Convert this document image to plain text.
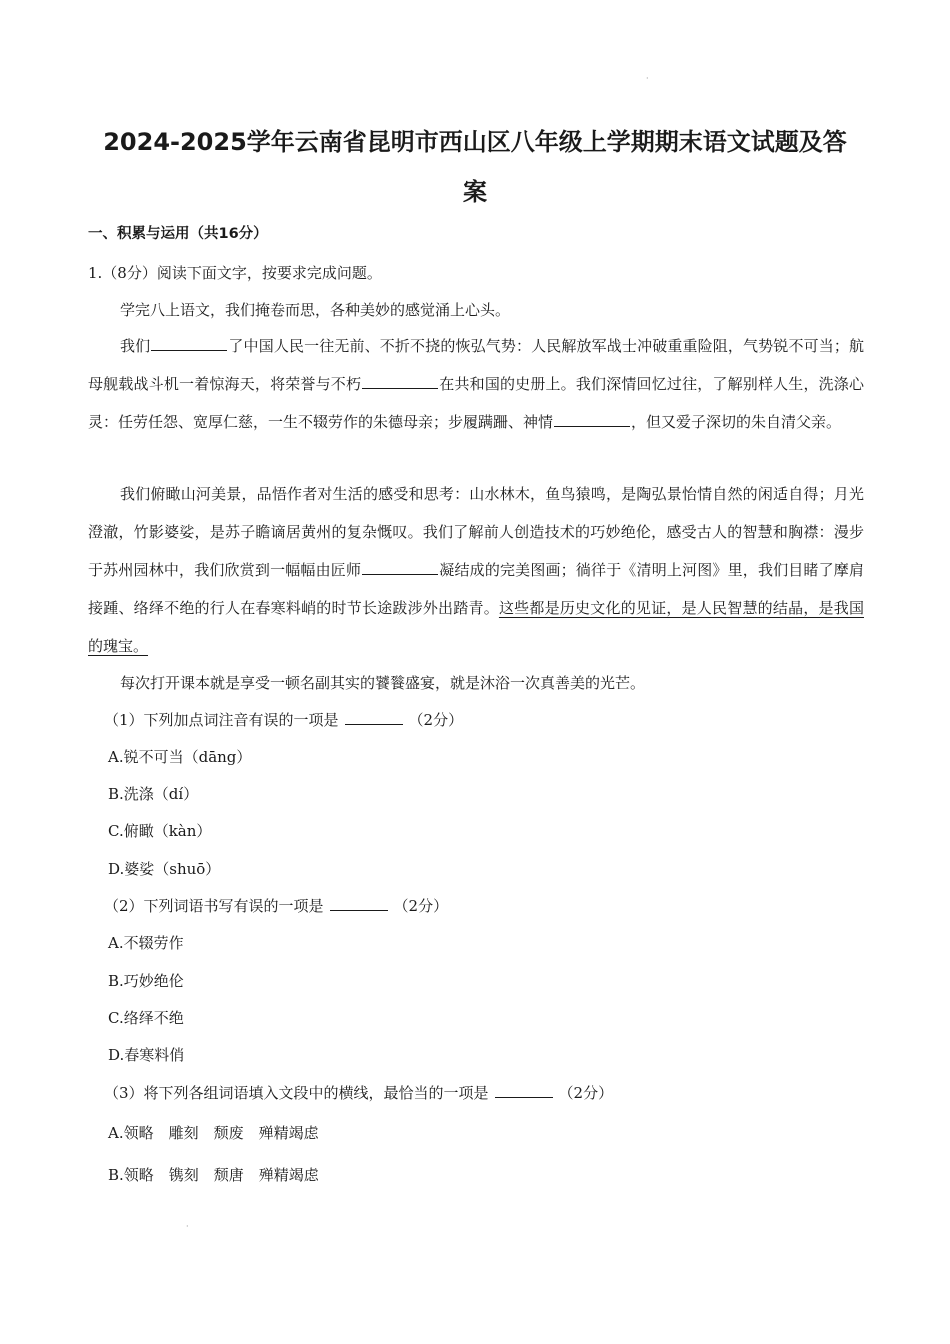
·
2024-2025学年云南省昆明市西山区八年级上学期期末语文试题及答
案
一、积累与运用（共16分）
1.（8分）阅读下面文字，按要求完成问题。
学完八上语文，我们掩卷而思，各种美妙的感觉涌上心头。
我们	了中国人民一往无前、不折不挠的恢弘气势：人民解放军战士冲破重重险阻，气势锐不可当；航母舰载战斗机一着惊海天，将荣誉与不朽	在共和国的史册上。我们深情回忆过往，了解别样人生，洗涤心灵：任劳任怨、宽厚仁慈，一生不辍劳作的朱德母亲；步履蹒跚、神情	，但又爱子深切的朱自清父亲。
我们俯瞰山河美景，品悟作者对生活的感受和思考：山水林木，鱼鸟猿鸣，是陶弘景怡情自然的闲适自得；月光澄澈，竹影婆娑，是苏子瞻谪居黄州的复杂慨叹。我们了解前人创造技术的巧妙绝伦，感受古人的智慧和胸襟：漫步于苏州园林中，我们欣赏到一幅幅由匠师	凝结成的完美图画；徜徉于《清明上河图》里，我们目睹了摩肩接踵、络绎不绝的行人在春寒料峭的时节长途跋涉外出踏青。这些都是历史文化的见证，是人民智慧的结晶，是我国的瑰宝。
每次打开课本就是享受一顿名副其实的饕餮盛宴，就是沐浴一次真善美的光芒。
（1）下列加点词注音有误的一项是	（2分）
A.锐不可当（dāng）
B.洗涤（dí）
C.俯瞰（kàn）
D.婆娑（shuō）
（2）下列词语书写有误的一项是	（2分）
A.不辍劳作
B.巧妙绝伦
C.络绎不绝
D.春寒料俏
（3）将下列各组词语填入文段中的横线，最恰当的一项是	（2分）
A.领略　雕刻　颓废　殚精竭虑
B.领略　镌刻　颓唐　殚精竭虑
·
